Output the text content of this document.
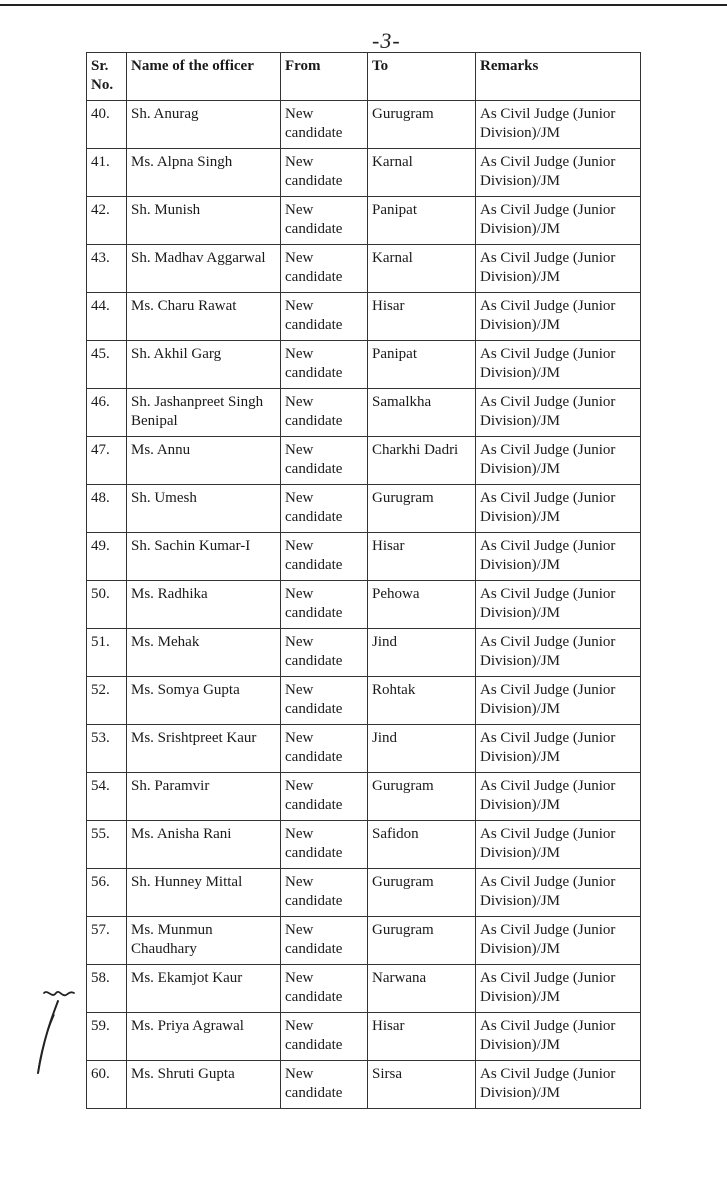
-3-
Sr. No.	Name of the officer	From	To	Remarks
40.	Sh. Anurag	New candidate	Gurugram	As Civil Judge (Junior Division)/JM
41.	Ms. Alpna Singh	New candidate	Karnal	As Civil Judge (Junior Division)/JM
42.	Sh. Munish	New candidate	Panipat	As Civil Judge (Junior Division)/JM
43.	Sh. Madhav Aggarwal	New candidate	Karnal	As Civil Judge (Junior Division)/JM
44.	Ms. Charu Rawat	New candidate	Hisar	As Civil Judge (Junior Division)/JM
45.	Sh. Akhil Garg	New candidate	Panipat	As Civil Judge (Junior Division)/JM
46.	Sh. Jashanpreet Singh Benipal	New candidate	Samalkha	As Civil Judge (Junior Division)/JM
47.	Ms. Annu	New candidate	Charkhi Dadri	As Civil Judge (Junior Division)/JM
48.	Sh. Umesh	New candidate	Gurugram	As Civil Judge (Junior Division)/JM
49.	Sh. Sachin Kumar-I	New candidate	Hisar	As Civil Judge (Junior Division)/JM
50.	Ms. Radhika	New candidate	Pehowa	As Civil Judge (Junior Division)/JM
51.	Ms. Mehak	New candidate	Jind	As Civil Judge (Junior Division)/JM
52.	Ms. Somya Gupta	New candidate	Rohtak	As Civil Judge (Junior Division)/JM
53.	Ms. Srishtpreet Kaur	New candidate	Jind	As Civil Judge (Junior Division)/JM
54.	Sh. Paramvir	New candidate	Gurugram	As Civil Judge (Junior Division)/JM
55.	Ms. Anisha Rani	New candidate	Safidon	As Civil Judge (Junior Division)/JM
56.	Sh. Hunney Mittal	New candidate	Gurugram	As Civil Judge (Junior Division)/JM
57.	Ms. Munmun Chaudhary	New candidate	Gurugram	As Civil Judge (Junior Division)/JM
58.	Ms. Ekamjot Kaur	New candidate	Narwana	As Civil Judge (Junior Division)/JM
59.	Ms. Priya Agrawal	New candidate	Hisar	As Civil Judge (Junior Division)/JM
60.	Ms. Shruti Gupta	New candidate	Sirsa	As Civil Judge (Junior Division)/JM
